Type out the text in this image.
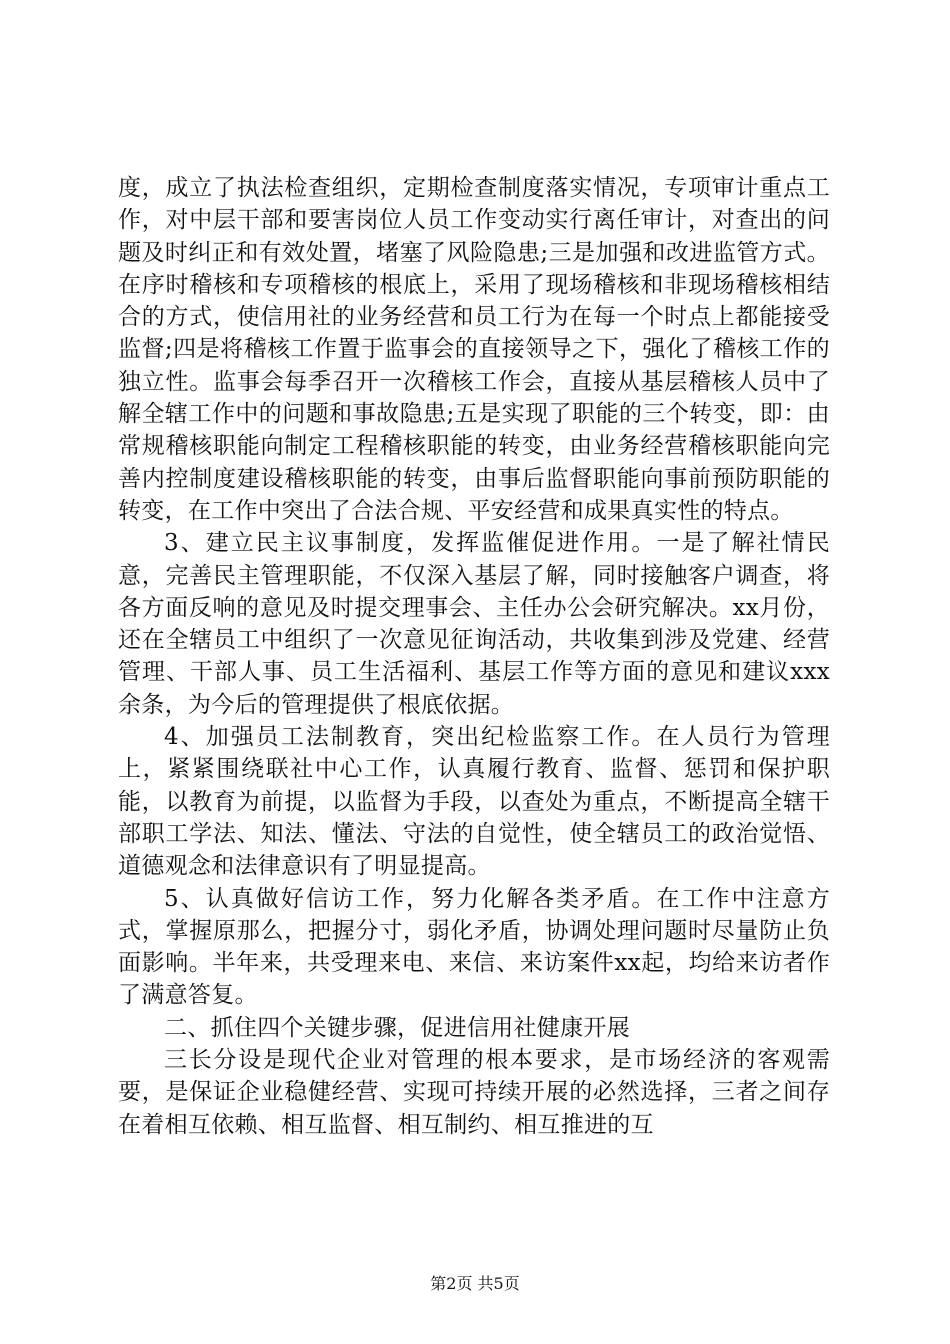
度，成立了执法检查组织，定期检查制度落实情况，专项审计重点工作，对中层干部和要害岗位人员工作变动实行离任审计，对查出的问题及时纠正和有效处置，堵塞了风险隐患;三是加强和改进监管方式。在序时稽核和专项稽核的根底上，采用了现场稽核和非现场稽核相结合的方式，使信用社的业务经营和员工行为在每一个时点上都能接受监督;四是将稽核工作置于监事会的直接领导之下，强化了稽核工作的独立性。监事会每季召开一次稽核工作会，直接从基层稽核人员中了解全辖工作中的问题和事故隐患;五是实现了职能的三个转变，即：由常规稽核职能向制定工程稽核职能的转变，由业务经营稽核职能向完善内控制度建设稽核职能的转变，由事后监督职能向事前预防职能的转变，在工作中突出了合法合规、平安经营和成果真实性的特点。

3、建立民主议事制度，发挥监催促进作用。一是了解社情民意，完善民主管理职能，不仅深入基层了解，同时接触客户调查，将各方面反响的意见及时提交理事会、主任办公会研究解决。xx月份，还在全辖员工中组织了一次意见征询活动，共收集到涉及党建、经营管理、干部人事、员工生活福利、基层工作等方面的意见和建议xxx余条，为今后的管理提供了根底依据。

4、加强员工法制教育，突出纪检监察工作。在人员行为管理上，紧紧围绕联社中心工作，认真履行教育、监督、惩罚和保护职能，以教育为前提，以监督为手段，以查处为重点，不断提高全辖干部职工学法、知法、懂法、守法的自觉性，使全辖员工的政治觉悟、道德观念和法律意识有了明显提高。

5、认真做好信访工作，努力化解各类矛盾。在工作中注意方式，掌握原那么，把握分寸，弱化矛盾，协调处理问题时尽量防止负面影响。半年来，共受理来电、来信、来访案件xx起，均给来访者作了满意答复。

二、抓住四个关键步骤，促进信用社健康开展

三长分设是现代企业对管理的根本要求，是市场经济的客观需要，是保证企业稳健经营、实现可持续开展的必然选择，三者之间存在着相互依赖、相互监督、相互制约、相互推进的互

第2页 共5页
